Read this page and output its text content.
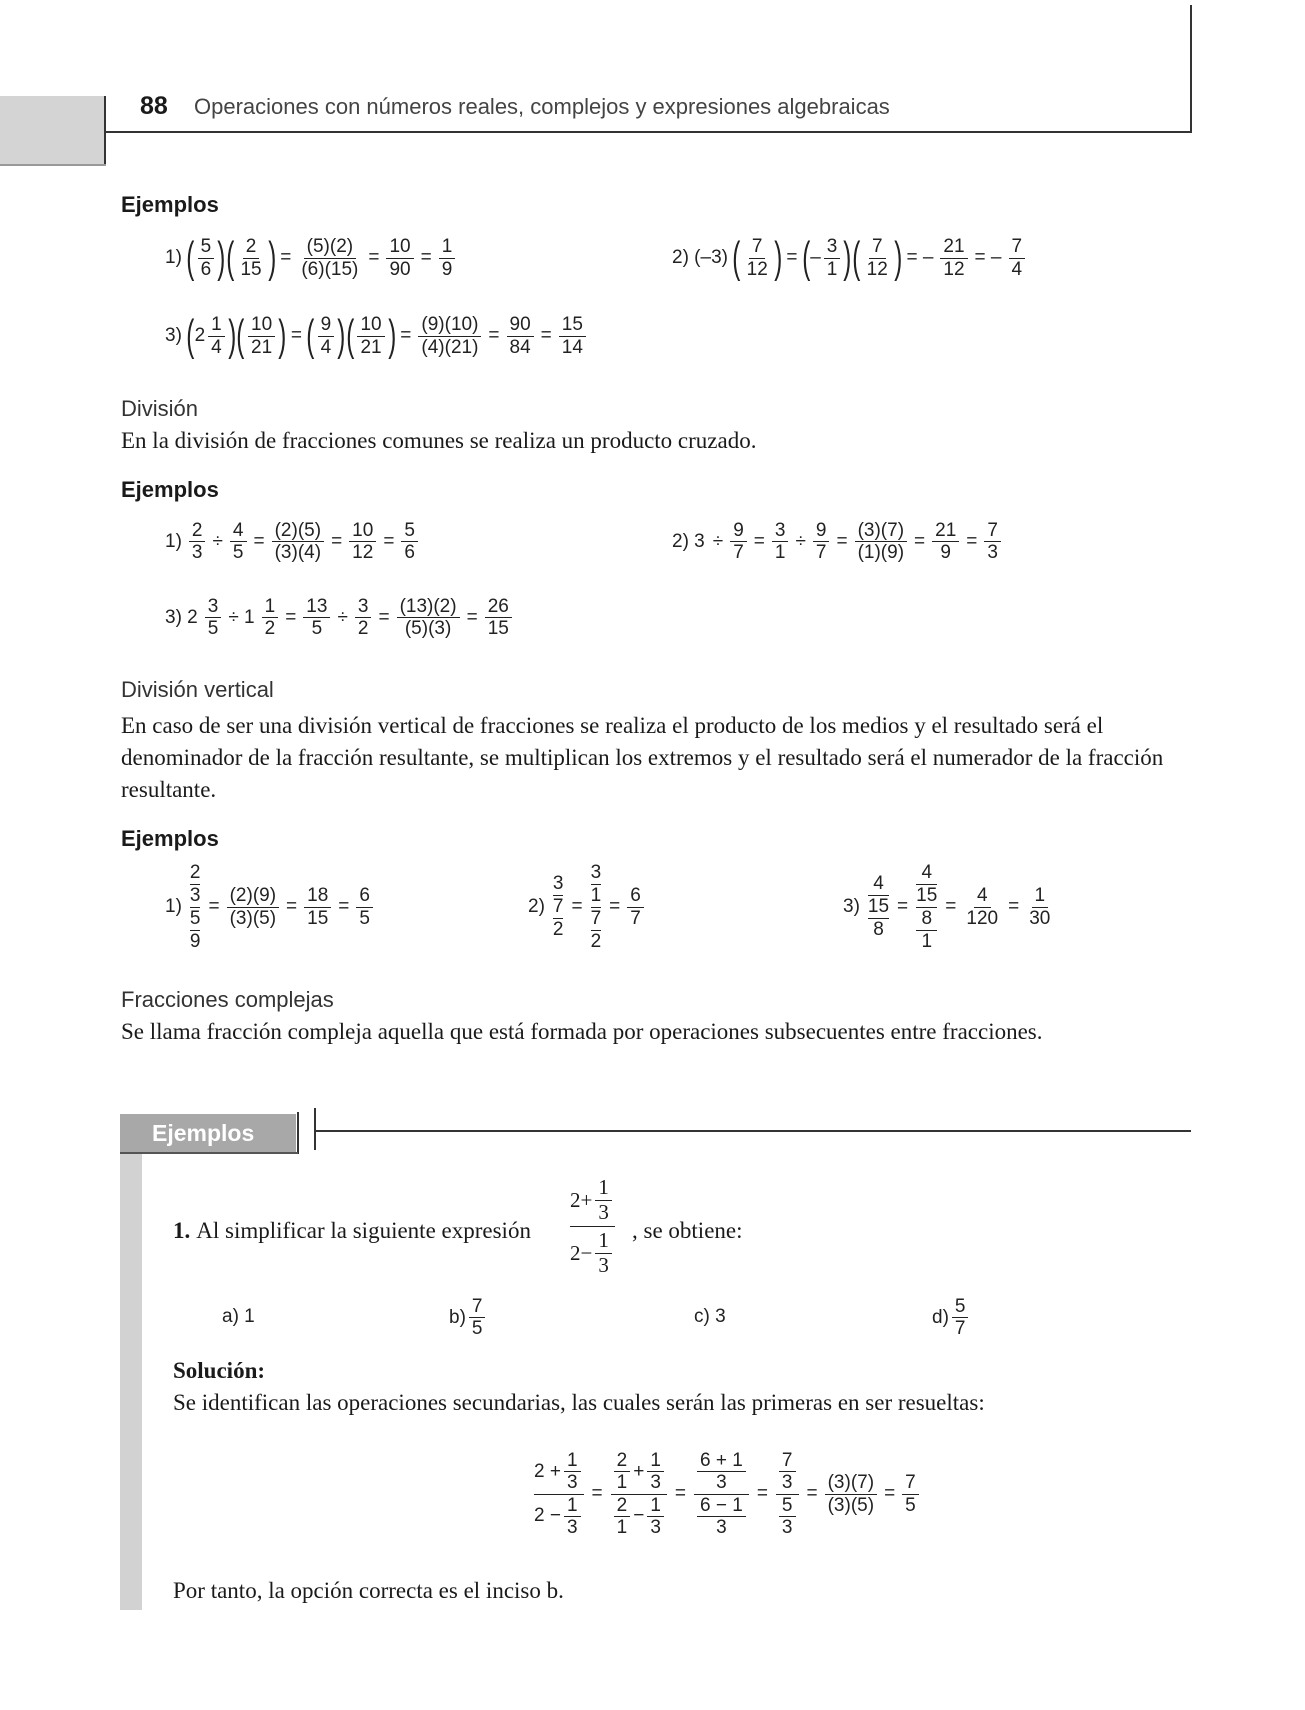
88 Operaciones con números reales, complejos y expresiones algebraicas
Ejemplos
1) ( 5
6 ) ( 2
15 ) = $\frac{(5)(2)}{(6)(15)} = \frac{10}{90} = \frac{1}{9}$	2) (–3) ( 7
12 ) = ( –
3
1 ) ( 7
12 ) = – $\frac{21}{12}$ = –
7
4
3) ( 2
1
4 ) ( 10
21 ) = ( 9
4 ) ( 10
21 ) = $\frac{(9)(10)}{(4)(21)} = \frac{90}{84} = \frac{15}{14}$
División
En la división de fracciones comunes se realiza un producto cruzado.
Ejemplos
$1) \frac{2}{3} \div \frac{4}{5} = \frac{(2)(5)}{(3)(4)} = \frac{10}{12} = \frac{5}{6}$	2) $3 \div \frac{9}{7} = \frac{3}{1} \div \frac{9}{7} = \frac{(3)(7)}{(1)(9)} = \frac{21}{9} = \frac{7}{3}$
3) $2 \frac{3}{5} \div 1 \frac{1}{2} = \frac{13}{5} \div \frac{3}{2} = \frac{(13)(2)}{(5)(3)} = \frac{26}{15}$
División vertical
En caso de ser una división vertical de fracciones se realiza el producto de los medios y el resultado será el denominador de la fracción resultante, se multiplican los extremos y el resultado será el numerador de la fracción resultante.
Ejemplos
1)
2
3
5
9
= $\frac{(2)(9)}{(3)(5)} = \frac{18}{15} = \frac{6}{5}$	2)
3
7
2
=
3
1
7
2
= $\frac{6}{7}$	3)
4
15
8
=
4
15
8
1
= $\frac{4}{120} = \frac{1}{30}$
Fracciones complejas
Se llama fracción compleja aquella que está formada por operaciones subsecuentes entre fracciones.
Ejemplos
1. Al simplificar la siguiente expresión
2+
1
3
2−
1
3
, se obtiene:
a) 1	b)
7
5
c) 3	d)
5
7
Solución:
Se identifican las operaciones secundarias, las cuales serán las primeras en ser resueltas:
2 +
1
3
2 −
1
3 = 2
1
+
1
3
2
1
−
1
$3 = \frac{\frac{6 + 1}{3}}{\frac{6 - 1}{3}} = \frac{\frac{7}{3}}{\frac{5}{3}} = \frac{(3)(7)}{(3)(5)} = \frac{7}{5}$
Por tanto, la opción correcta es el inciso b.
